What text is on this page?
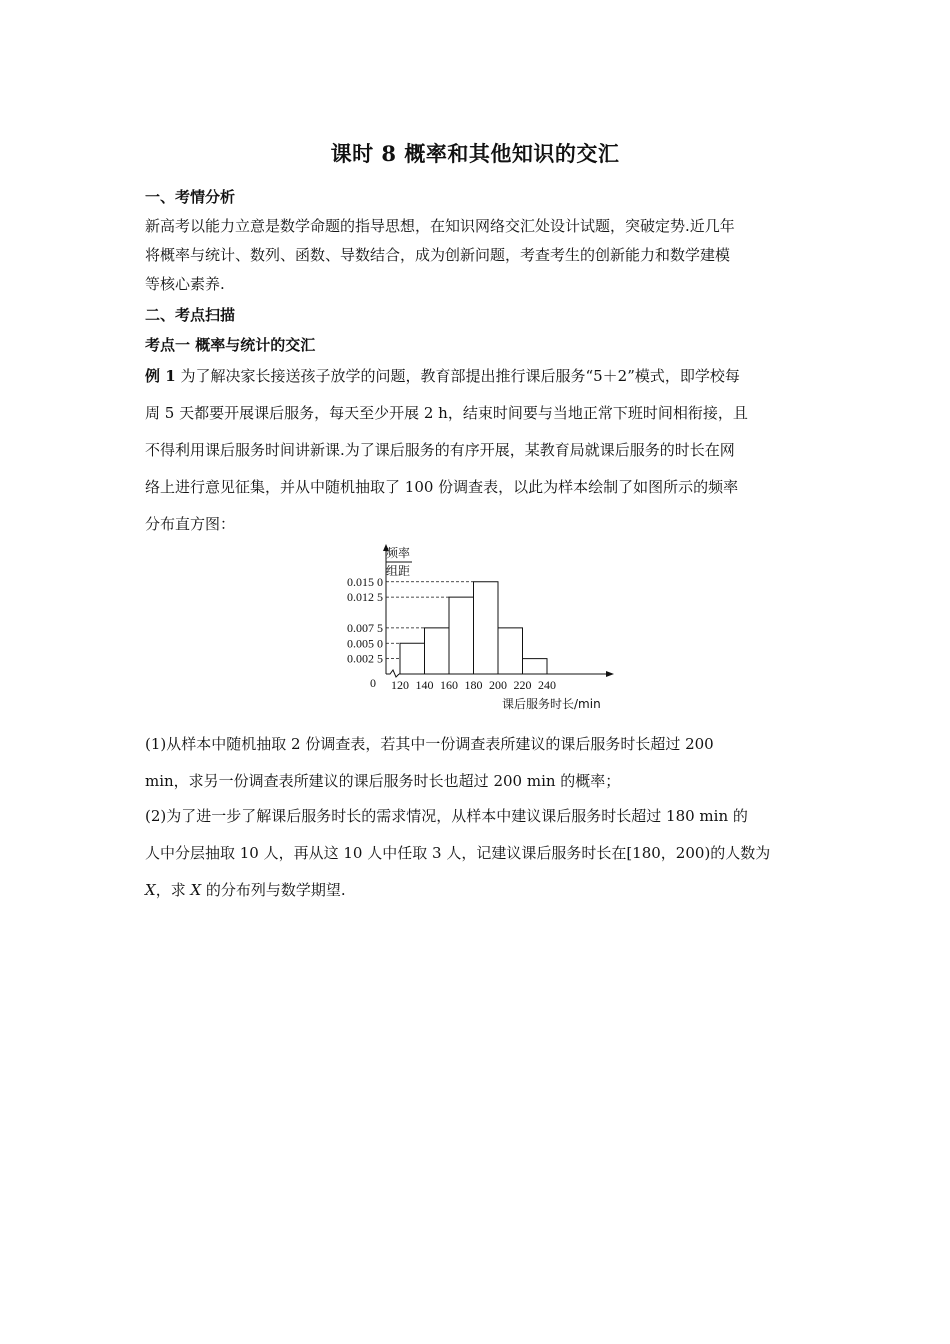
课时 8 概率和其他知识的交汇

一、考情分析

新高考以能力立意是数学命题的指导思想，在知识网络交汇处设计试题，突破定势.近几年

将概率与统计、数列、函数、导数结合，成为创新问题，考查考生的创新能力和数学建模

等核心素养.

二、考点扫描

考点一 概率与统计的交汇

例 1 为了解决家长接送孩子放学的问题，教育部提出推行课后服务“5＋2”模式，即学校每

周 5 天都要开展课后服务，每天至少开展 2 h，结束时间要与当地正常下班时间相衔接，且

不得利用课后服务时间讲新课.为了课后服务的有序开展，某教育局就课后服务的时长在网

络上进行意见征集，并从中随机抽取了 100 份调查表，以此为样本绘制了如图所示的频率

分布直方图：

0.015 0
0.012 5
0.007 5
0.005 0
0.002 5
120 140 160 180 200 220 240
频率
组距
0
课后服务时长/min

(1)从样本中随机抽取 2 份调查表，若其中一份调查表所建议的课后服务时长超过 200

min，求另一份调查表所建议的课后服务时长也超过 200 min 的概率；

(2)为了进一步了解课后服务时长的需求情况，从样本中建议课后服务时长超过 180 min 的

人中分层抽取 10 人，再从这 10 人中任取 3 人，记建议课后服务时长在[180，200)的人数为

X，求 X 的分布列与数学期望.
